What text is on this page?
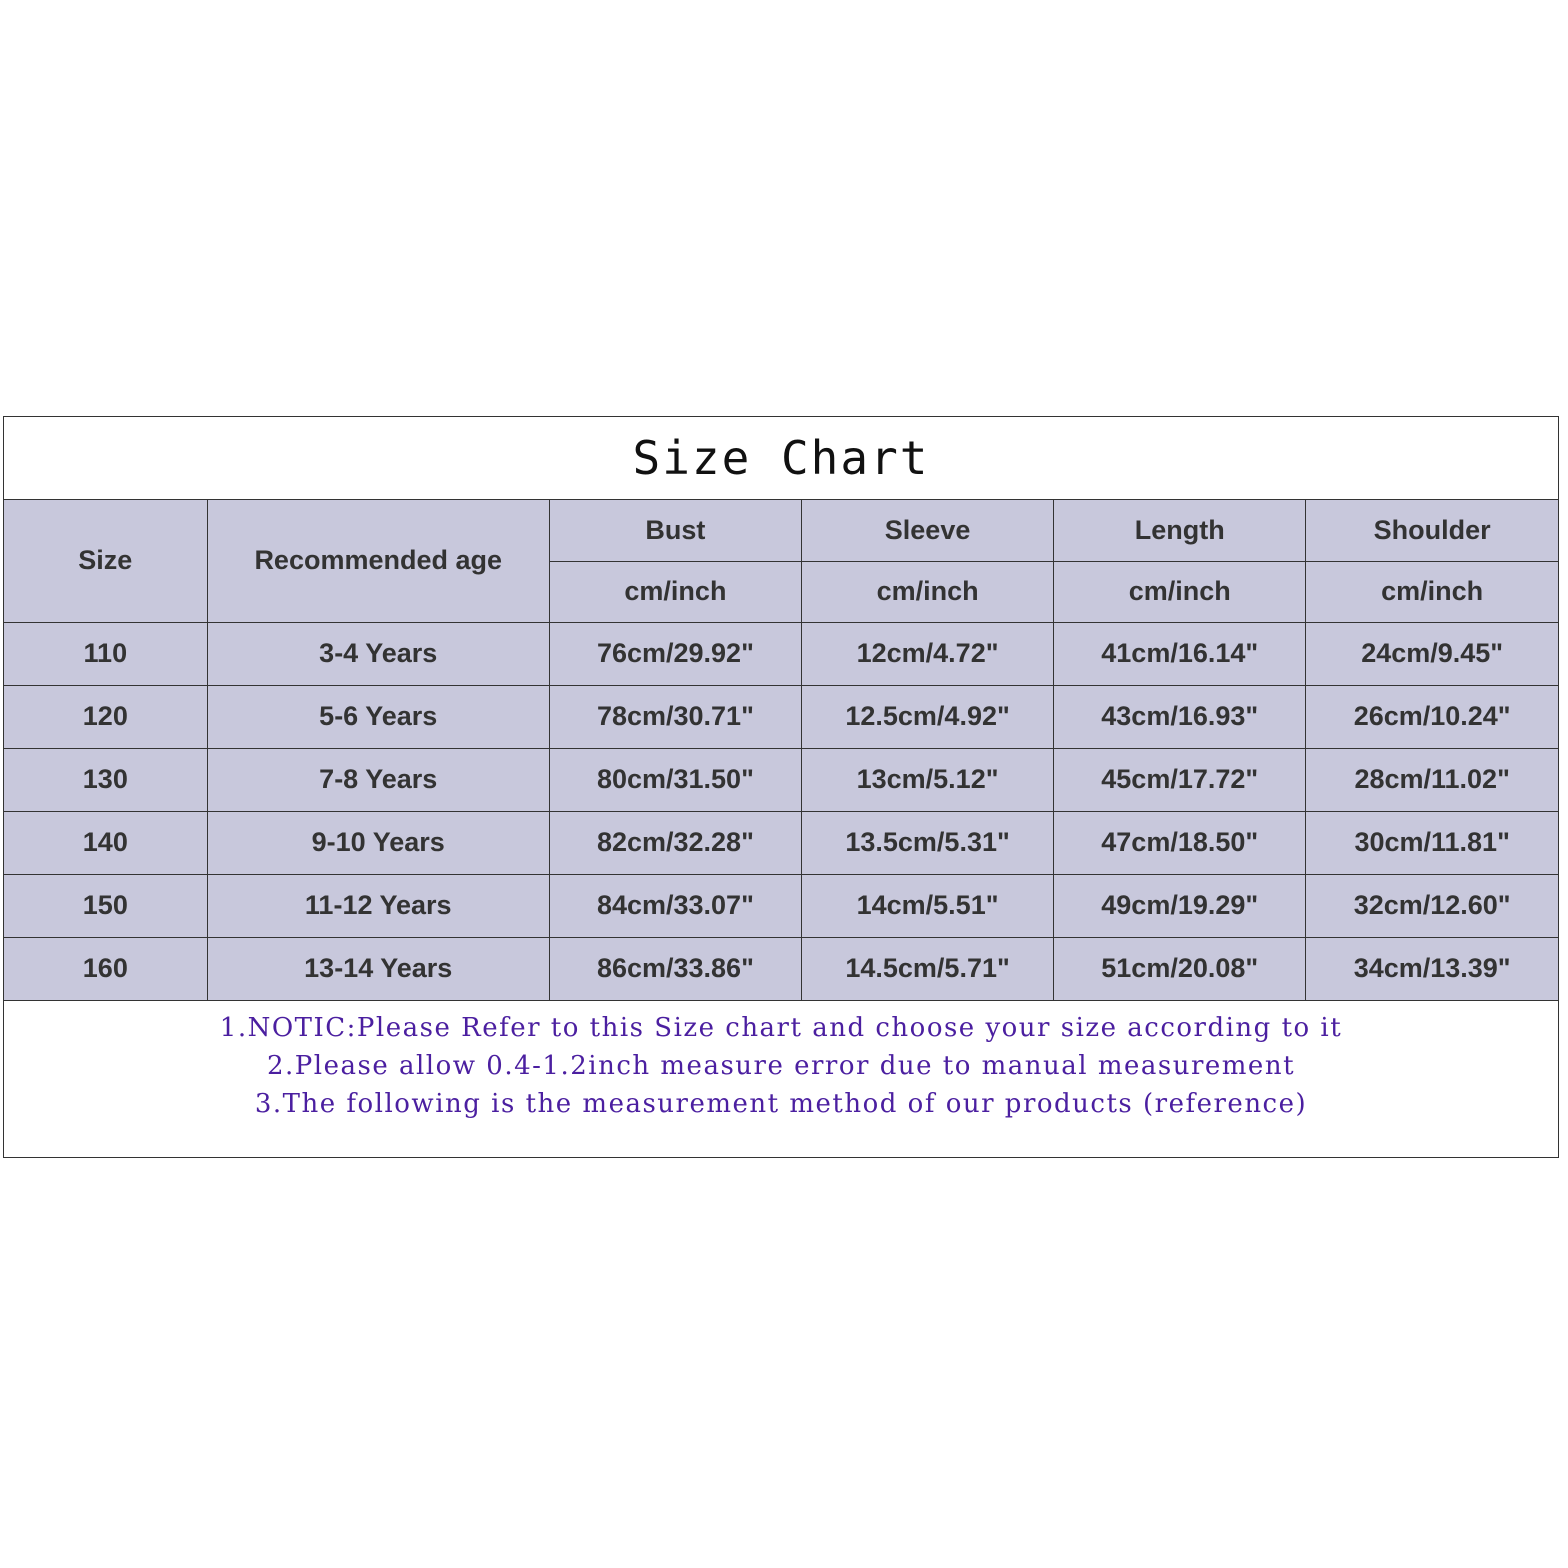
Size Chart
Size	Recommended age	Bust	Sleeve	Length	Shoulder
		cm/inch	cm/inch	cm/inch	cm/inch
110	3-4 Years	76cm/29.92"	12cm/4.72"	41cm/16.14"	24cm/9.45"
120	5-6 Years	78cm/30.71"	12.5cm/4.92"	43cm/16.93"	26cm/10.24"
130	7-8 Years	80cm/31.50"	13cm/5.12"	45cm/17.72"	28cm/11.02"
140	9-10 Years	82cm/32.28"	13.5cm/5.31"	47cm/18.50"	30cm/11.81"
150	11-12 Years	84cm/33.07"	14cm/5.51"	49cm/19.29"	32cm/12.60"
160	13-14 Years	86cm/33.86"	14.5cm/5.71"	51cm/20.08"	34cm/13.39"
1.NOTIC:Please Refer to this Size chart and choose your size according to it
2.Please allow 0.4-1.2inch measure error due to manual measurement
3.The following is the measurement method of our products (reference)
